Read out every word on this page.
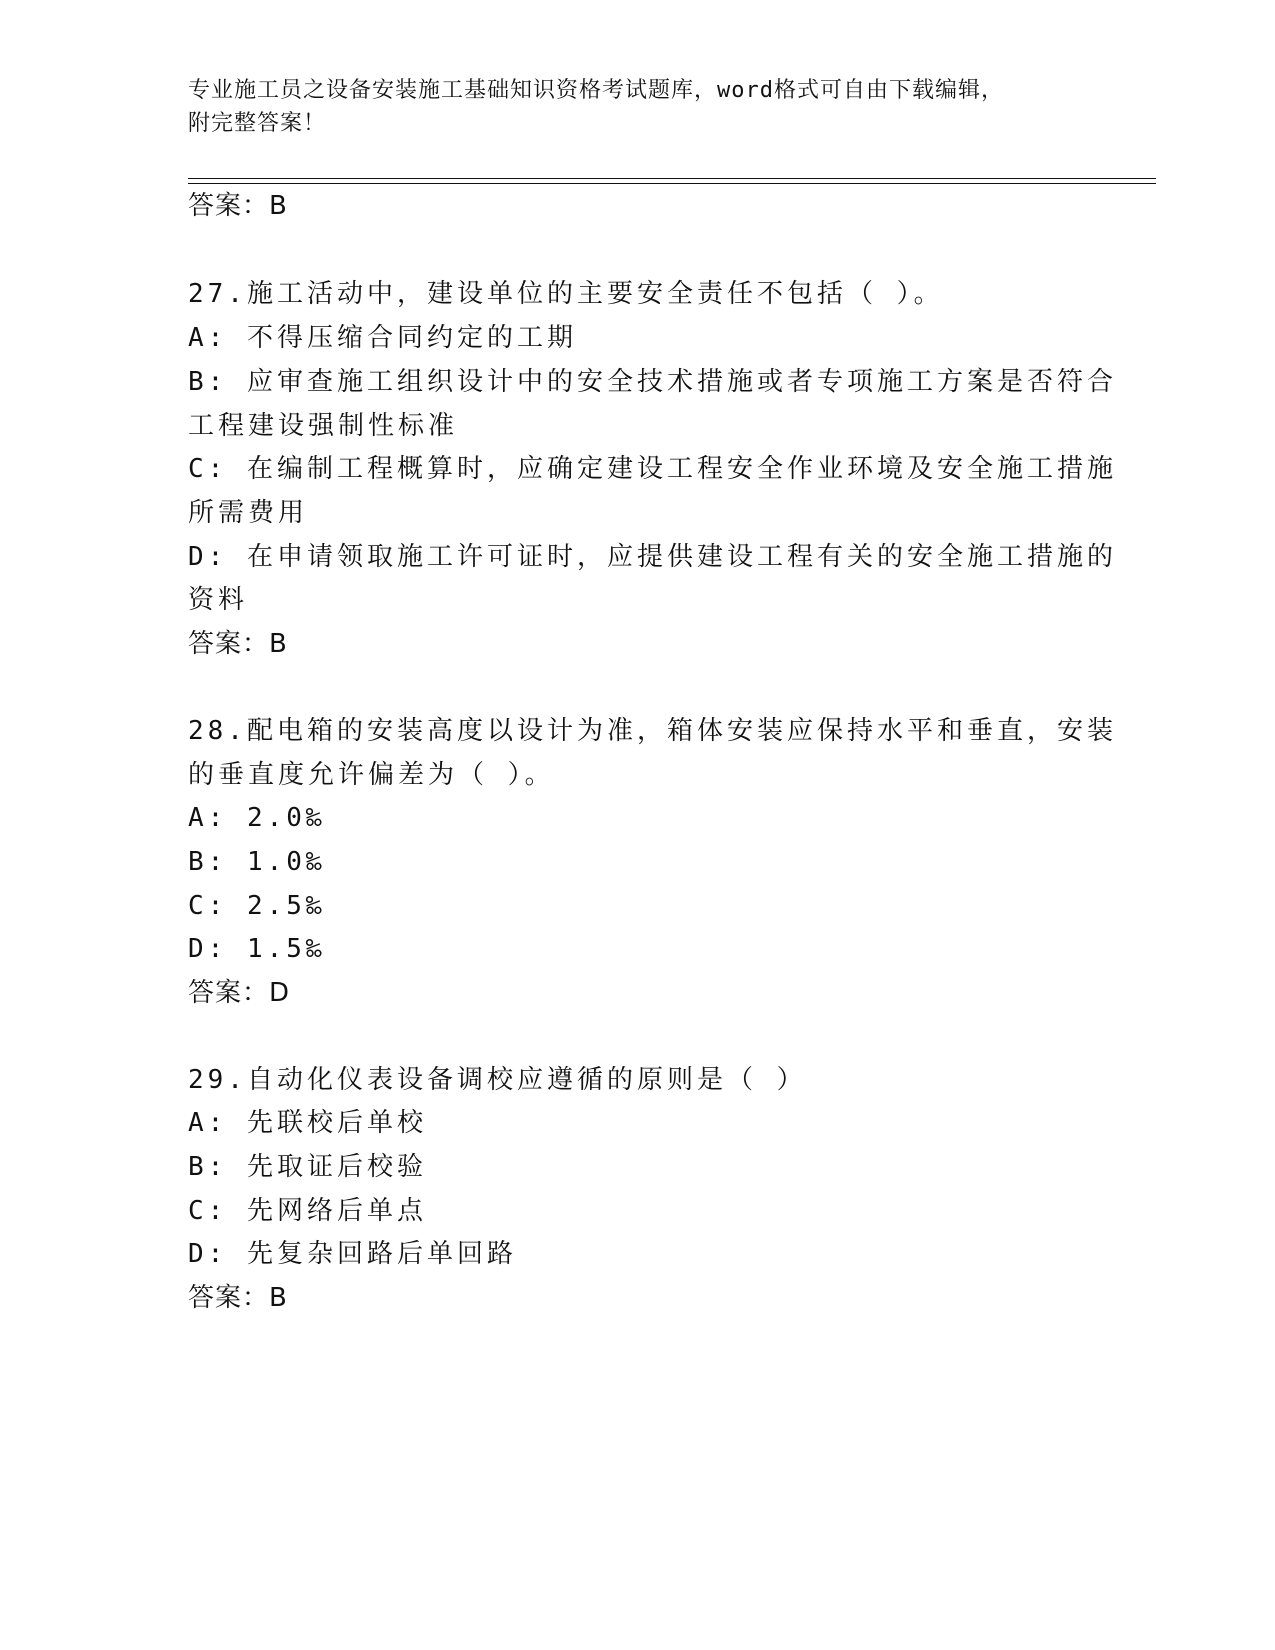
专业施工员之设备安装施工基础知识资格考试题库，word格式可自由下载编辑，
附完整答案！
答案：B
27.施工活动中，建设单位的主要安全责任不包括（ ）。
A: 不得压缩合同约定的工期
B: 应审查施工组织设计中的安全技术措施或者专项施工方案是否符合
工程建设强制性标准
C: 在编制工程概算时，应确定建设工程安全作业环境及安全施工措施
所需费用
D: 在申请领取施工许可证时，应提供建设工程有关的安全施工措施的
资料
答案：B
28.配电箱的安装高度以设计为准，箱体安装应保持水平和垂直，安装
的垂直度允许偏差为（ ）。
A: 2.0‰
B: 1.0‰
C: 2.5‰
D: 1.5‰
答案：D
29.自动化仪表设备调校应遵循的原则是（ ）
A: 先联校后单校
B: 先取证后校验
C: 先网络后单点
D: 先复杂回路后单回路
答案：B
